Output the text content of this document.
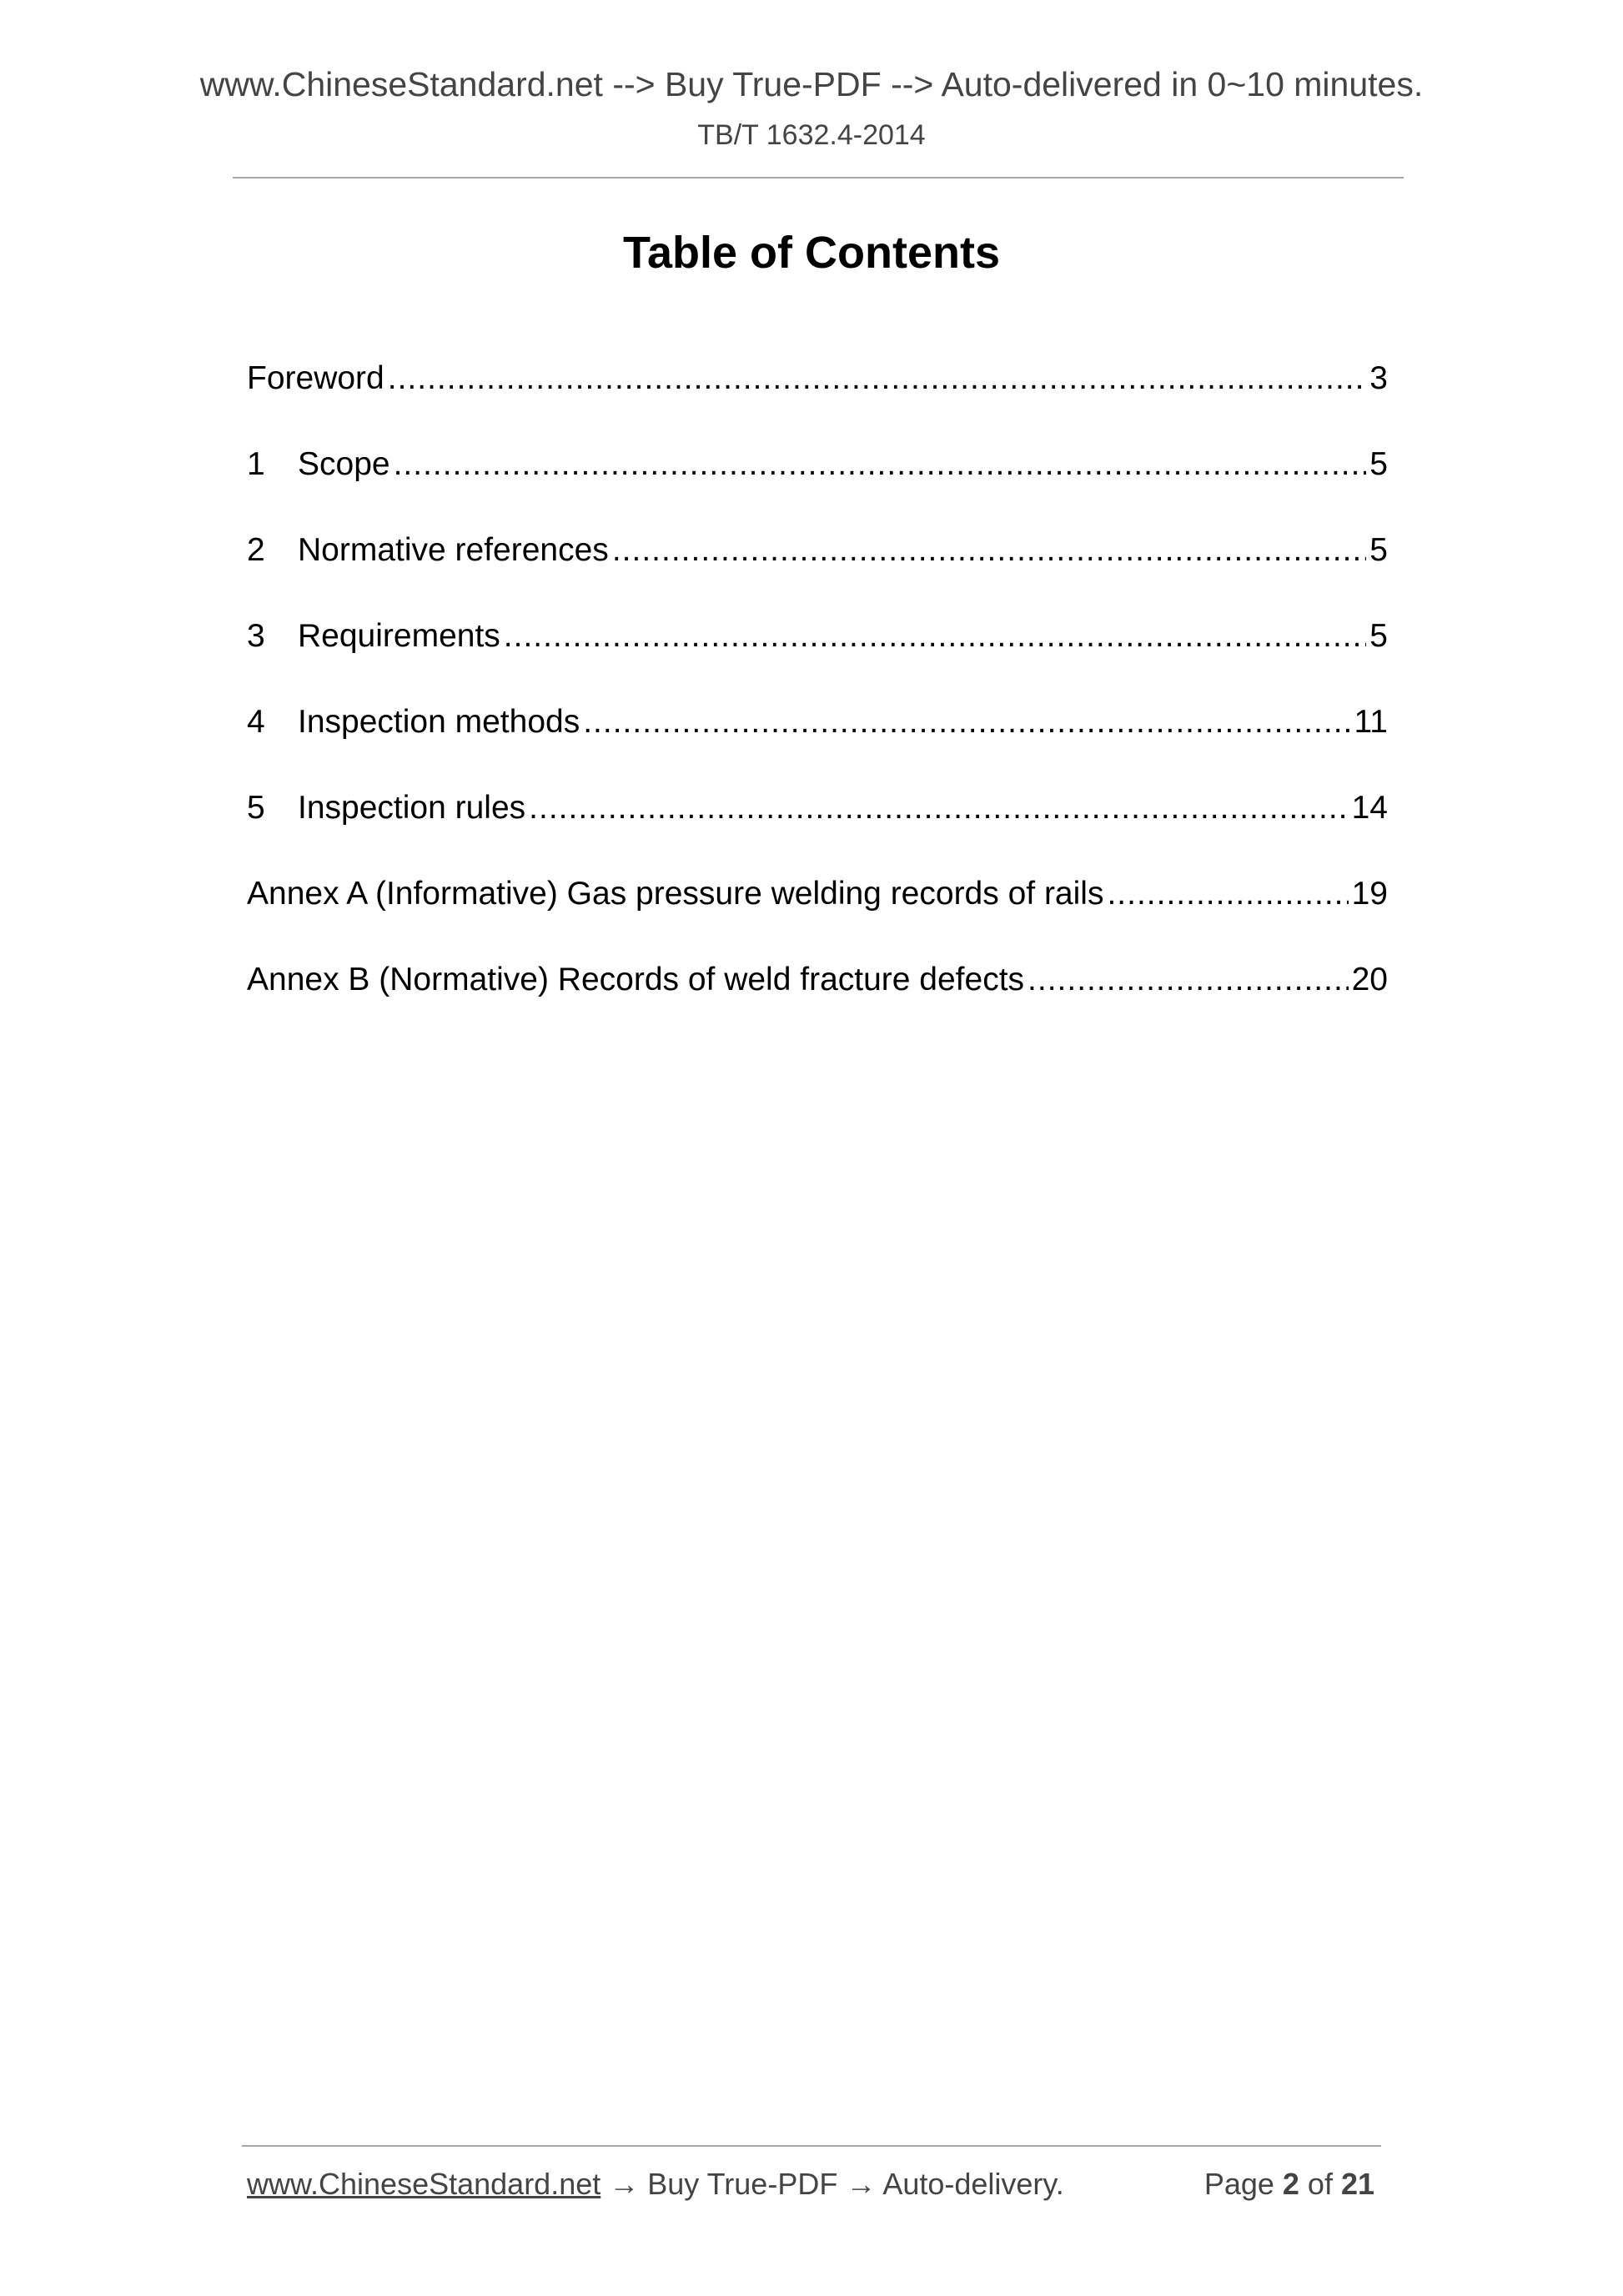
www.ChineseStandard.net --> Buy True-PDF --> Auto-delivered in 0~10 minutes.
TB/T 1632.4-2014
Table of Contents
Foreword .....	3
1	Scope .....	5
2	Normative references .....	5
3	Requirements .....	5
4	Inspection methods .....	11
5	Inspection rules .....	14
Annex A (Informative) Gas pressure welding records of rails .....	19
Annex B (Normative) Records of weld fracture defects .....	20
www.ChineseStandard.net → Buy True-PDF → Auto-delivery.	Page 2 of 21
